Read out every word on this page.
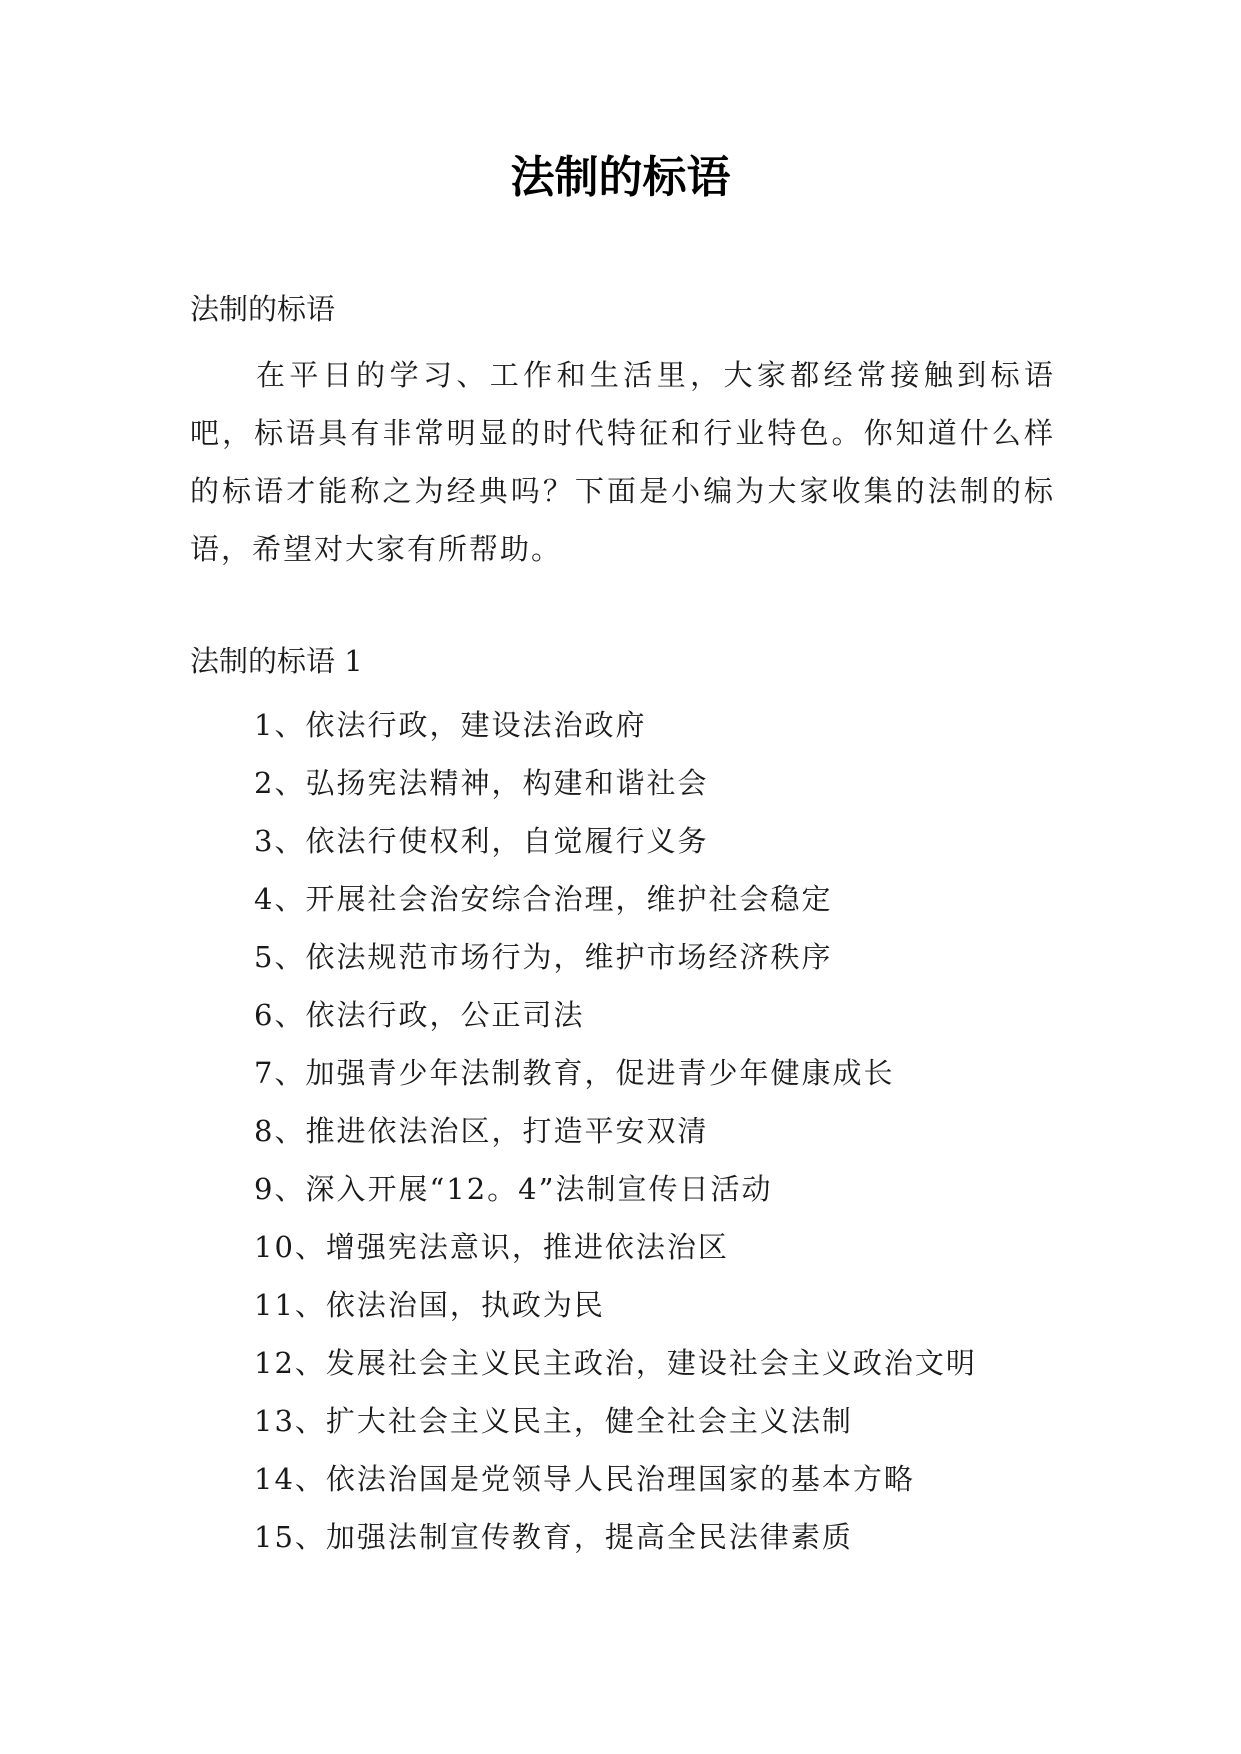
法制的标语
法制的标语

在平日的学习、工作和生活里，大家都经常接触到标语吧，标语具有非常明显的时代特征和行业特色。你知道什么样的标语才能称之为经典吗？下面是小编为大家收集的法制的标语，希望对大家有所帮助。

法制的标语 1
1、依法行政，建设法治政府
2、弘扬宪法精神，构建和谐社会
3、依法行使权利，自觉履行义务
4、开展社会治安综合治理，维护社会稳定
5、依法规范市场行为，维护市场经济秩序
6、依法行政，公正司法
7、加强青少年法制教育，促进青少年健康成长
8、推进依法治区，打造平安双清
9、深入开展“12。4”法制宣传日活动
10、增强宪法意识，推进依法治区
11、依法治国，执政为民
12、发展社会主义民主政治，建设社会主义政治文明
13、扩大社会主义民主，健全社会主义法制
14、依法治国是党领导人民治理国家的基本方略
15、加强法制宣传教育，提高全民法律素质
